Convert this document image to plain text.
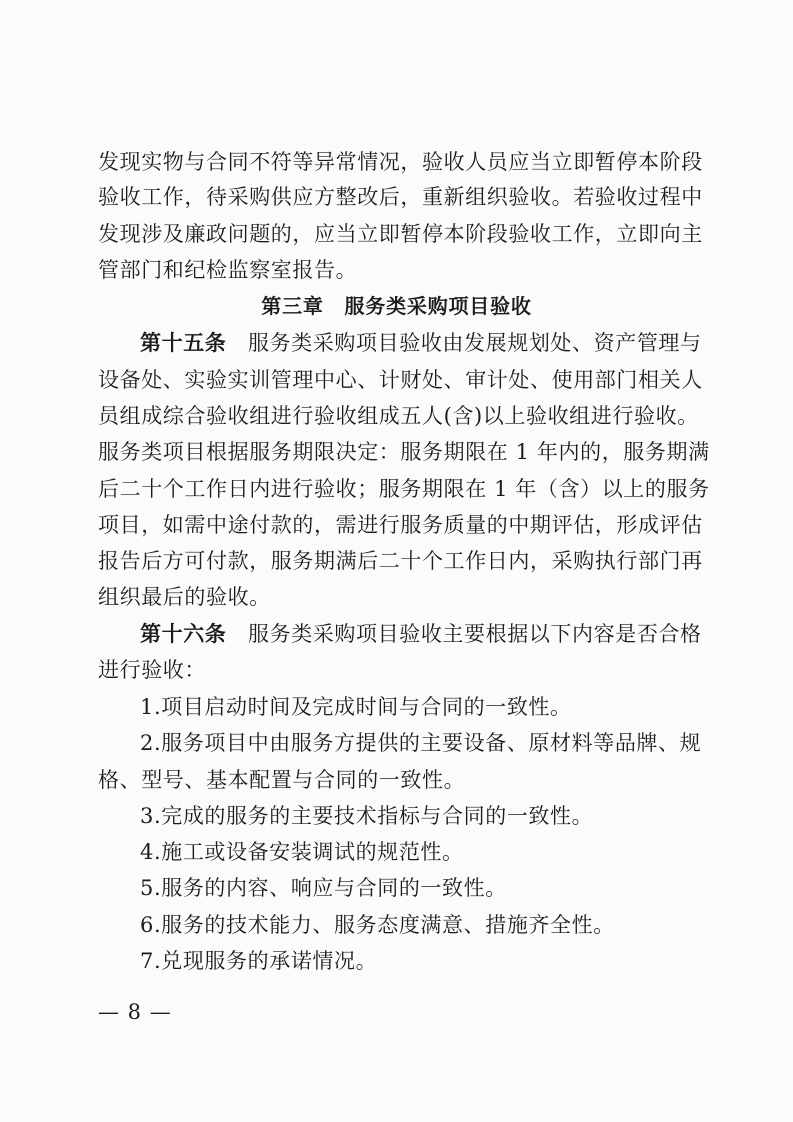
发现实物与合同不符等异常情况，验收人员应当立即暂停本阶段
验收工作，待采购供应方整改后，重新组织验收。若验收过程中
发现涉及廉政问题的，应当立即暂停本阶段验收工作，立即向主
管部门和纪检监察室报告。
第三章　服务类采购项目验收
第十五条　 服务类采购项目验收由发展规划处、资产管理与
设备处、实验实训管理中心、计财处、审计处、使用部门相关人
员组成综合验收组进行验收组成五人(含)以上验收组进行验收。
服务类项目根据服务期限决定：服务期限在 1 年内的，服务期满
后二十个工作日内进行验收；服务期限在 1 年（含）以上的服务
项目，如需中途付款的，需进行服务质量的中期评估，形成评估
报告后方可付款，服务期满后二十个工作日内，采购执行部门再
组织最后的验收。
第十六条　 服务类采购项目验收主要根据以下内容是否合格
进行验收：
1.项目启动时间及完成时间与合同的一致性。
2.服务项目中由服务方提供的主要设备、原材料等品牌、规
格、型号、基本配置与合同的一致性。
3.完成的服务的主要技术指标与合同的一致性。
4.施工或设备安装调试的规范性。
5.服务的内容、响应与合同的一致性。
6.服务的技术能力、服务态度满意、措施齐全性。
7.兑现服务的承诺情况。
— 8 —
